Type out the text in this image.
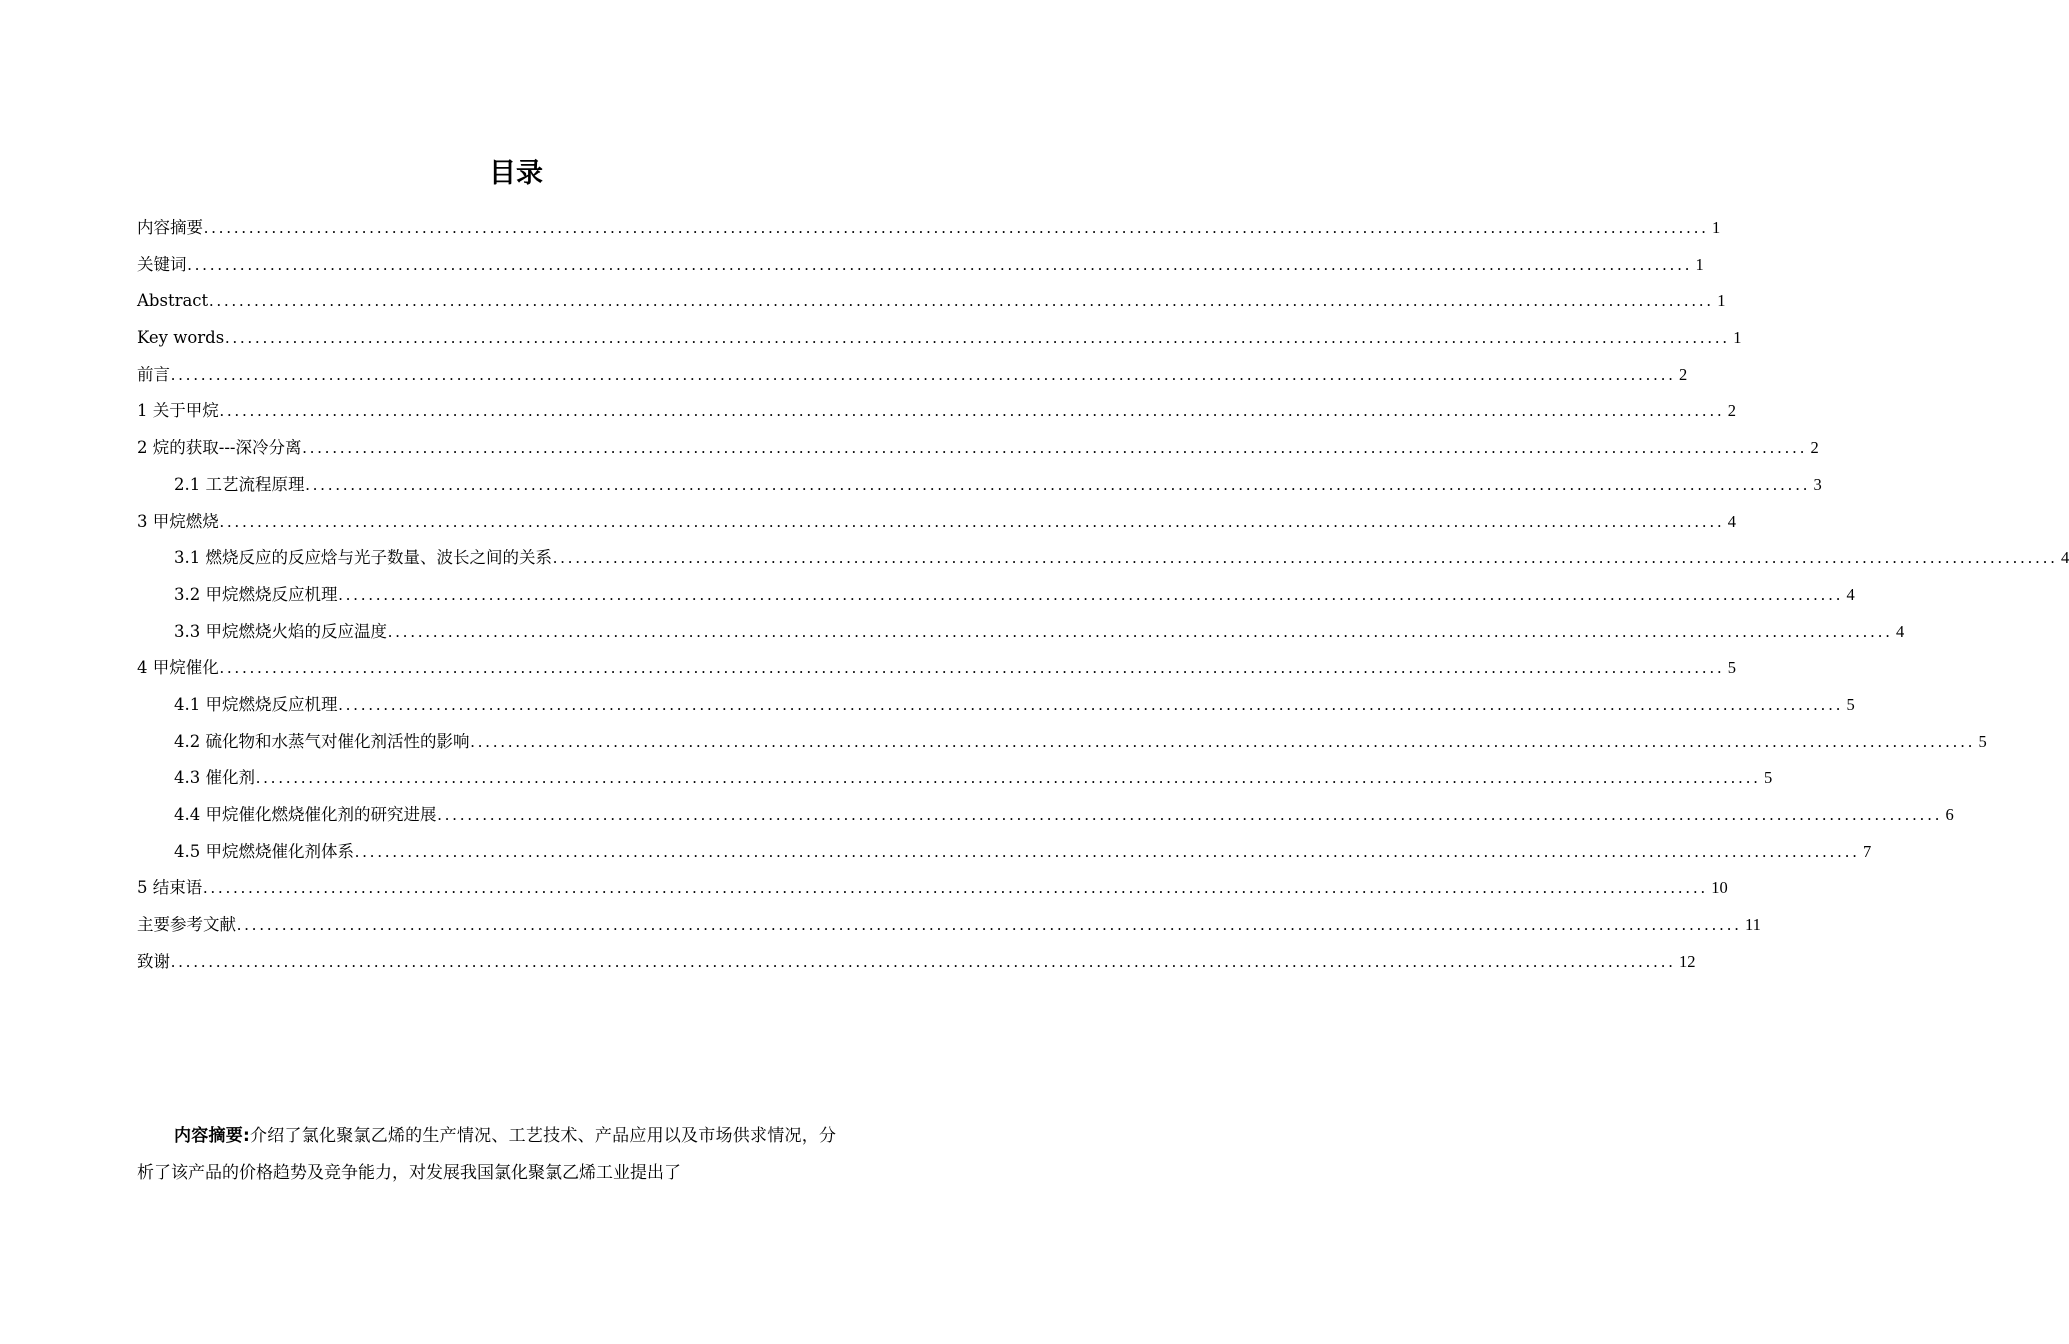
目录
内容摘要 ........................................................................................................................................................................................................ 1
关键词 ........................................................................................................................................................................................................ 1
Abstract ........................................................................................................................................................................................................ 1
Key words ........................................................................................................................................................................................................ 1
前言 ........................................................................................................................................................................................................ 2
1 关于甲烷 ........................................................................................................................................................................................................ 2
2 烷的获取---深冷分离 ........................................................................................................................................................................................................ 2
2.1 工艺流程原理 ........................................................................................................................................................................................................ 3
3 甲烷燃烧 ........................................................................................................................................................................................................ 4
3.1 燃烧反应的反应焓与光子数量、波长之间的关系 ........................................................................................................................................................................................................ 4
3.2 甲烷燃烧反应机理 ........................................................................................................................................................................................................ 4
3.3 甲烷燃烧火焰的反应温度 ........................................................................................................................................................................................................ 4
4 甲烷催化 ........................................................................................................................................................................................................ 5
4.1 甲烷燃烧反应机理 ........................................................................................................................................................................................................ 5
4.2 硫化物和水蒸气对催化剂活性的影响 ........................................................................................................................................................................................................ 5
4.3 催化剂 ........................................................................................................................................................................................................ 5
4.4 甲烷催化燃烧催化剂的研究进展 ........................................................................................................................................................................................................ 6
4.5 甲烷燃烧催化剂体系 ........................................................................................................................................................................................................ 7
5 结束语 ........................................................................................................................................................................................................ 10
主要参考文献 ........................................................................................................................................................................................................ 11
致谢 ........................................................................................................................................................................................................ 12
内容摘要:介绍了氯化聚氯乙烯的生产情况、工艺技术、产品应用以及市场供求情况，分析了该产品的价格趋势及竞争能力，对发展我国氯化聚氯乙烯工业提出了
